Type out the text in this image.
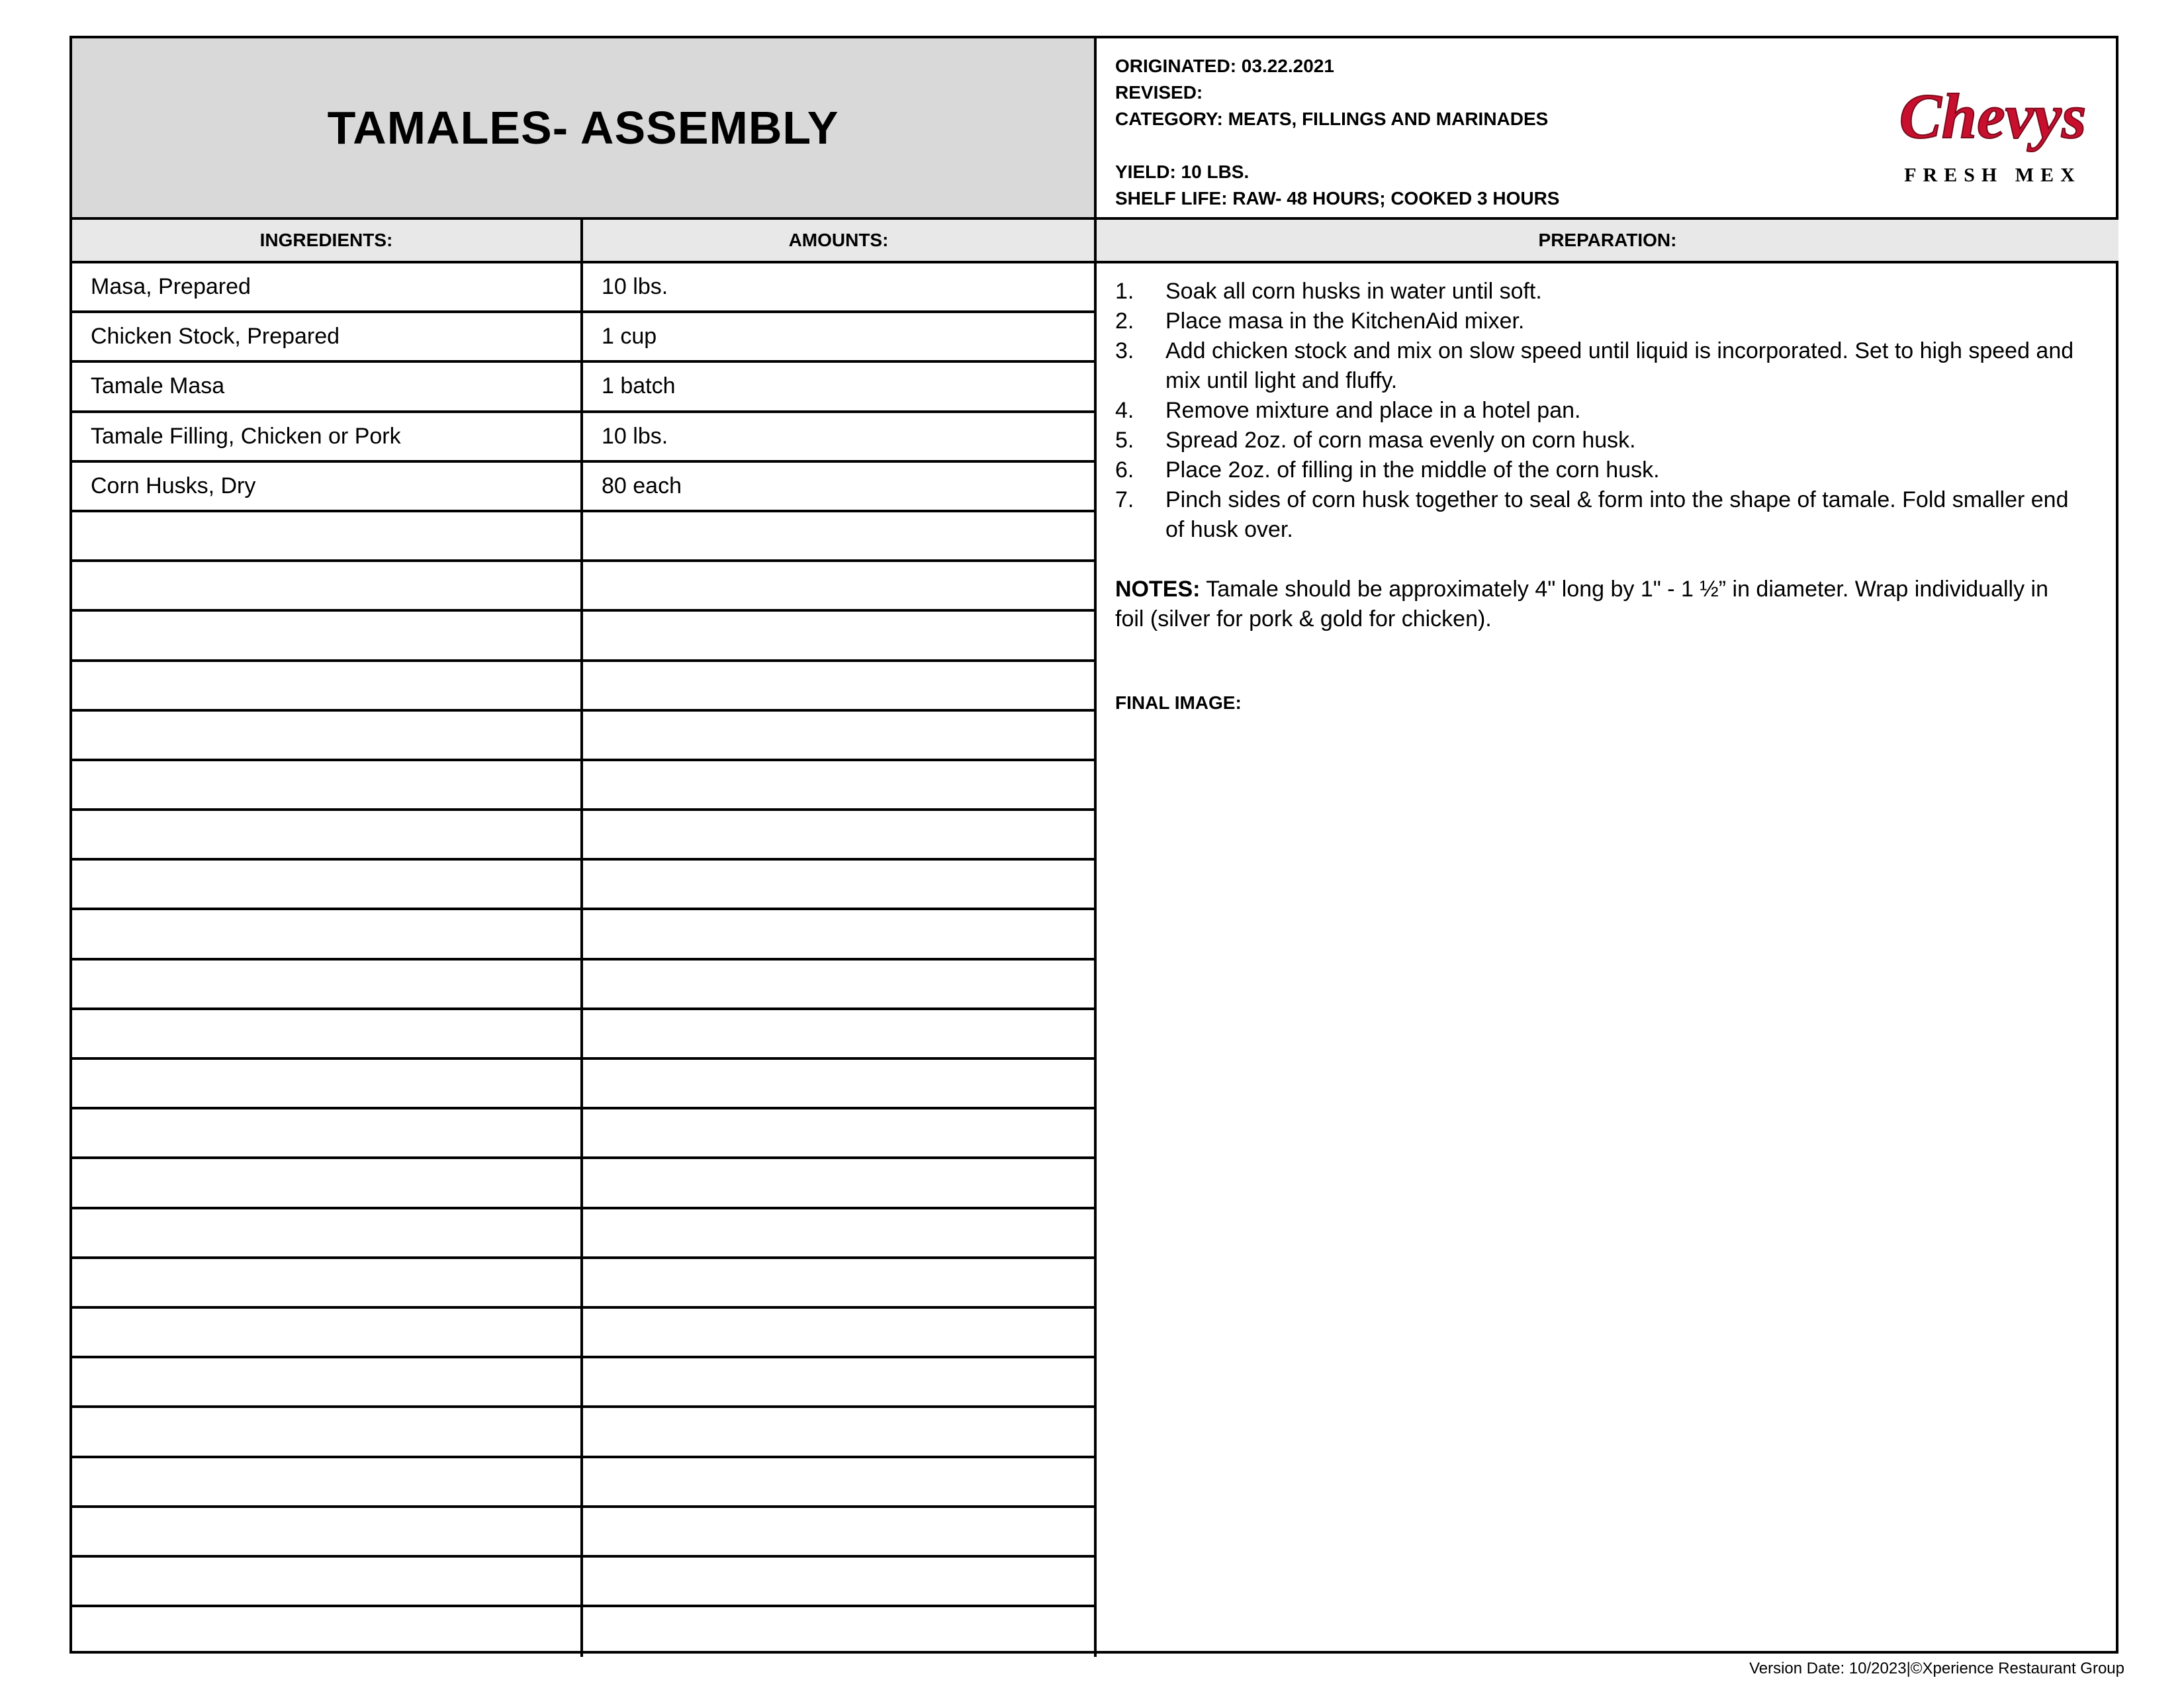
TAMALES- ASSEMBLY
ORIGINATED: 03.22.2021
REVISED:
CATEGORY: MEATS, FILLINGS AND MARINADES
YIELD: 10 LBS.
SHELF LIFE: RAW- 48 HOURS; COOKED 3 HOURS
Chevys
FRESH MEX
INGREDIENTS:	AMOUNTS:	PREPARATION:
Masa, Prepared	10 lbs.
Chicken Stock, Prepared	1 cup
Tamale Masa	1 batch
Tamale Filling, Chicken or Pork	10 lbs.
Corn Husks, Dry	80 each
1.	Soak all corn husks in water until soft.
2.	Place masa in the KitchenAid mixer.
3.	Add chicken stock and mix on slow speed until liquid is incorporated. Set to high speed and mix until light and fluffy.
4.	Remove mixture and place in a hotel pan.
5.	Spread 2oz. of corn masa evenly on corn husk.
6.	Place 2oz. of filling in the middle of the corn husk.
7.	Pinch sides of corn husk together to seal & form into the shape of tamale. Fold smaller end of husk over.
NOTES: Tamale should be approximately 4" long by 1" - 1 ½” in diameter. Wrap individually in foil (silver for pork & gold for chicken).
FINAL IMAGE:
Version Date: 10/2023|©Xperience Restaurant Group
